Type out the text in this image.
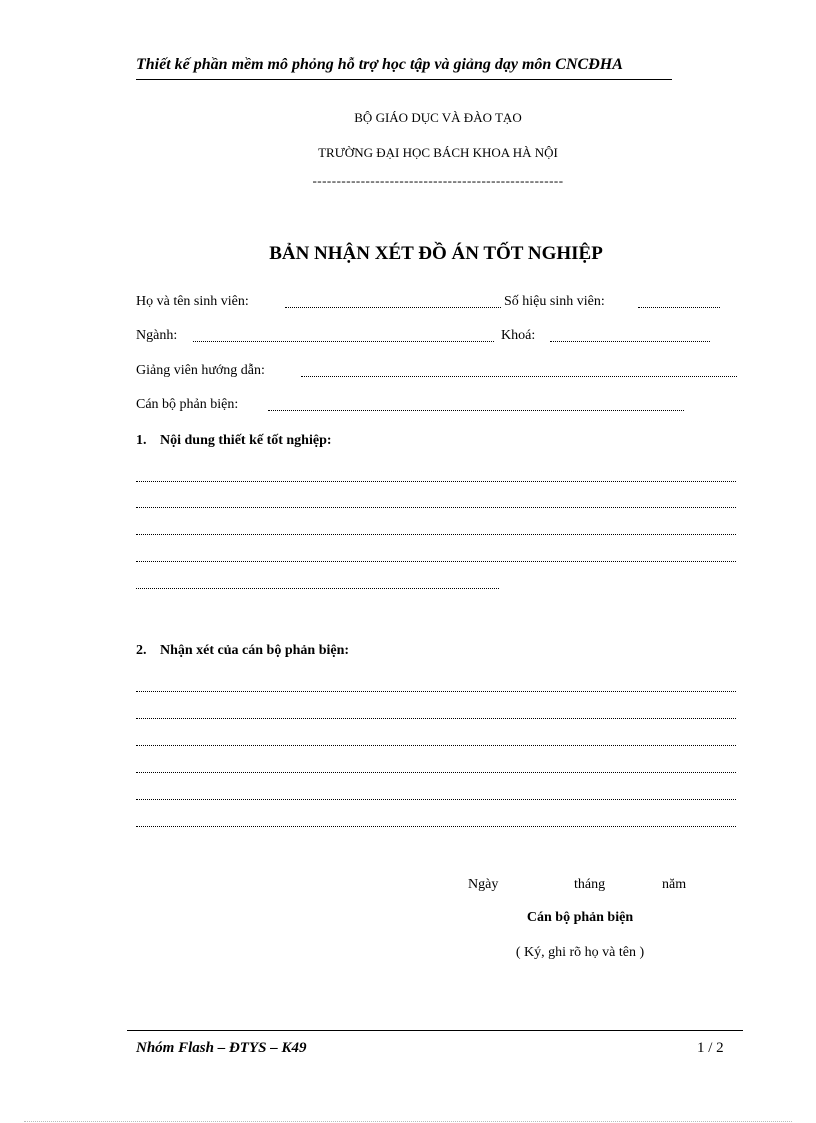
Thiết kế phần mềm mô phỏng hỗ trợ học tập và giảng dạy môn CNCĐHA
BỘ GIÁO DỤC VÀ ĐÀO TẠO
TRƯỜNG ĐẠI HỌC BÁCH KHOA HÀ NỘI
----------------------------------------------------
BẢN NHẬN XÉT ĐỒ ÁN TỐT NGHIỆP
Họ và tên sinh viên:	Số hiệu sinh viên:
Ngành:	Khoá:
Giảng viên hướng dẫn:
Cán bộ phản biện:
1. Nội dung thiết kế tốt nghiệp:
2. Nhận xét của cán bộ phản biện:
Ngày	tháng	năm
Cán bộ phản biện
( Ký, ghi rõ họ và tên )
Nhóm Flash – ĐTYS – K49	1 / 2
